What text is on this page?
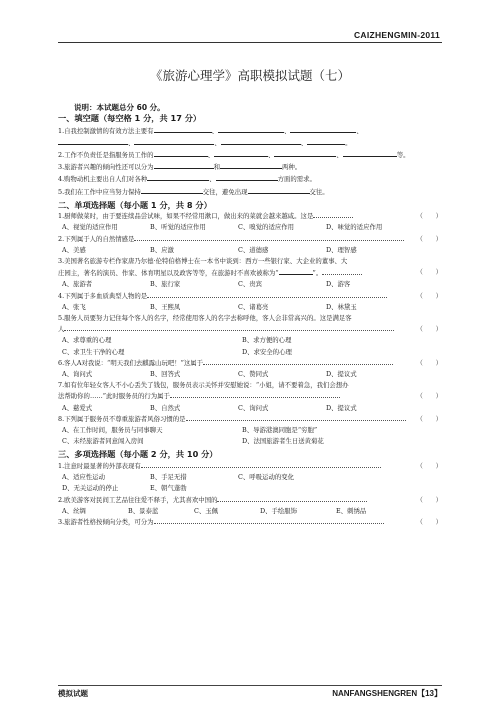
CAIZHENGMIN-2011
《旅游心理学》高职模拟试题（七）
说明：本试题总分 60 分。
一、填空题（每空格 1 分，共 17 分）
1.自我控制激情的有效方法主要有	、	、	、
、	、	、	。
2.工作不负责任是指服务员工作的	、	、	、	等。
3.旅游者兴趣的倾向性还可以分为	和	两种。
4.购物动机主要出自人们对各种	、	方面的需求。
5.我们在工作中应当努力保持	交往，避免出现	交往。
二、单项选择题（每小题 1 分，共 8 分）
1.厨师做菜时，由于要连续品尝试味，如果不经常用漱口，做出来的菜就会越来越咸。这是	（　　）
A、视觉的适应作用	B、听觉的适应作用	C、嗅觉的适应作用	D、味觉的适应作用
2.下列属于人的自然情感是	（　　）
A、美感	B、应激	C、道德感	D、理智感
3.美国著名旅游专栏作家唐乃尔德·伦特伯格博士在一本书中谈到：西方一些银行家、大企业的董事、大
庄园主，著名的演员、作家、体育明星以及政客等等，在旅游时不喜欢被称为“	”。	（　　）
A、旅游者	B、旅行家	C、贵宾	D、游客
4.下列属于多血质典型人物的是	（　　）
A、张飞	B、王熙凤	C、诸葛亮	D、林黛玉
5.服务人员要努力记住每个客人的名字，经常使用客人的名字去称呼他，客人会非常高兴的。这是满足客
人	（　　）
A、求尊重的心理	B、求方便的心理
C、求卫生干净的心理	D、求安全的心理
6.客人A对我说：“明天我们去麒露山玩吧！”这属于	（　　）
A、询问式	B、回答式	C、赞同式	D、提议式
7.如有位年轻女客人不小心丢失了钱包，服务员表示关怀并安慰她说：“小姐，请不要着急，我们会想办
法帮助你的……”此时服务员的行为属于	（　　）
A、慈爱式	B、自然式	C、询问式	D、提议式
8.下列属于服务员不尊重旅游者风俗习惯的是	（　　）
A、在工作时间，服务员与同事聊天	B、导游港澳同胞是“穷胞”
C、未经旅游者同意闯入房间	D、法国旅游者生日送黄菊花
三、多项选择题（每小题 2 分，共 10 分）
1.注意时最显著的外部表现有	（　　）
A、适应性运动	B、手足无措	C、呼吸运动的变化
D、无关运动的停止	E、朝气蓬勃
2.欧美游客对民间工艺品往往爱不释手，尤其喜欢中国的	（　　）
A、丝绸	B、景泰蓝	C、玉佩	D、手绘服饰	E、刺绣品
3.旅游者性格按倾向分类，可分为	（　　）
模拟试题	NANFANGSHENGREN【13】
